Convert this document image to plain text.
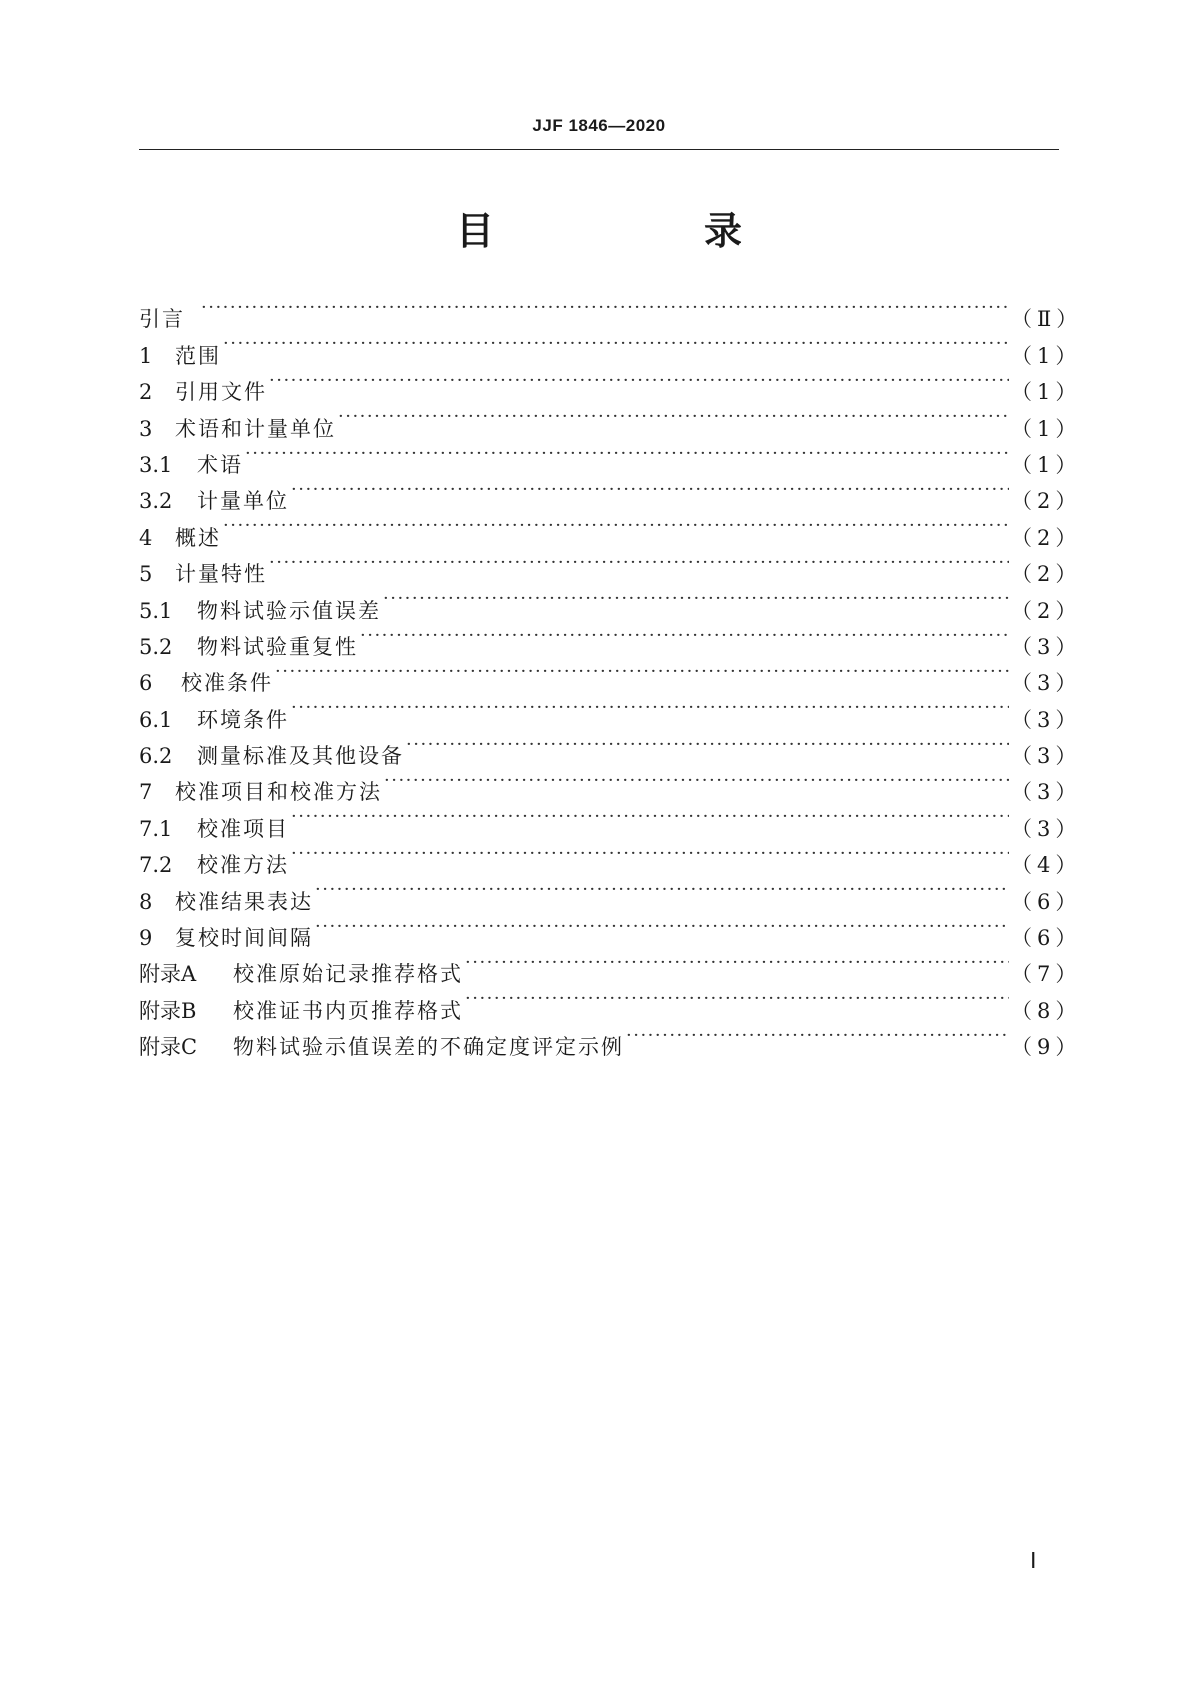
JJF 1846—2020
目　录
引言 ·····	（Ⅱ）
1	范围 ·····	（1）
2	引用文件 ·····	（1）
3	术语和计量单位 ·····	（1）
3.1	术语 ·····	（1）
3.2	计量单位 ·····	（2）
4	概述 ·····	（2）
5	计量特性 ·····	（2）
5.1	物料试验示值误差 ·····	（2）
5.2	物料试验重复性 ·····	（3）
6	校准条件 ·····	（3）
6.1	环境条件 ·····	（3）
6.2	测量标准及其他设备 ·····	（3）
7	校准项目和校准方法 ·····	（3）
7.1	校准项目 ·····	（3）
7.2	校准方法 ·····	（4）
8	校准结果表达 ·····	（6）
9	复校时间间隔 ·····	（6）
附录A	校准原始记录推荐格式 ·····	（7）
附录B	校准证书内页推荐格式 ·····	（8）
附录C	物料试验示值误差的不确定度评定示例 ·····	（9）
Ⅰ
